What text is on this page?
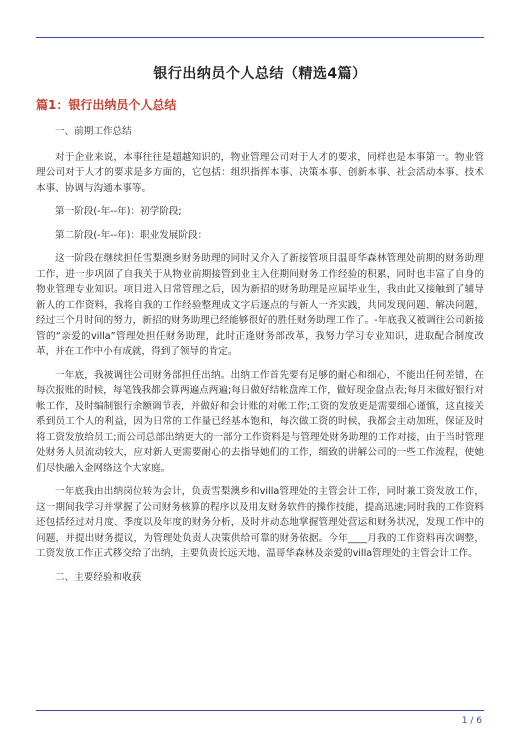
银行出纳员个人总结（精选4篇）
篇1：银行出纳员个人总结

一、前期工作总结

对于企业来说，本事往往是超越知识的，物业管理公司对于人才的要求，同样也是本事第一。物业管理公司对于人才的要求是多方面的，它包括：组织指挥本事、决策本事、创新本事、社会活动本事、技术本事、协调与沟通本事等。

第一阶段(-年--年)：初学阶段;

第二阶段(-年--年)：职业发展阶段：

这一阶段在继续担任雪梨澳乡财务助理的同时又介入了新接管项目温哥华森林管理处前期的财务助理工作，进一步巩固了自我关于从物业前期接管到业主入住期间财务工作经验的积累，同时也丰富了自身的物业管理专业知识。项目进入日常管理之后，因为新招的财务助理是应届毕业生，我由此又接触到了辅导新人的工作资料，我将自我的工作经验整理成文字后逐点的与新人一齐实践，共同发现问题、解决问题，经过三个月时间的努力，新招的财务助理已经能够很好的胜任财务助理工作了。-年底我又被调往公司新接管的“亲爱的villa”管理处担任财务助理，此时正逢财务部改革，我努力学习专业知识，进取配合制度改革，并在工作中小有成就，得到了领导的肯定。

一年底，我被调往公司财务部担任出纳。出纳工作首先要有足够的耐心和细心，不能出任何差错，在每次报账的时候，每笔钱我都会算两遍点两遍;每日做好结帐盘库工作，做好现金盘点表;每月末做好银行对帐工作，及时编制银行余额调节表，并做好和会计账的对帐工作;工资的发放更是需要细心谨慎，这直接关系到员工个人的利益，因为日常的工作量已经基本饱和，每次做工资的时候，我都会主动加班，保证及时将工资发放给员工;而公司总部出纳更大的一部分工作资料是与管理处财务助理的工作对接，由于当时管理处财务人员流动较大，应对新人更需要耐心的去指导她们的工作，细致的讲解公司的一些工作流程，使她们尽快融入金网络这个大家庭。

一年底我由出纳岗位转为会计，负责雪梨澳乡和villa管理处的主管会计工作，同时兼工资发放工作，这一期间我学习并掌握了公司财务核算的程序以及用友财务软件的操作技能，提高迅速;同时我的工作资料还包括经过对月度、季度以及年度的财务分析，及时并动态地掌握管理处营运和财务状况，发现工作中的问题，并提出财务提议，为管理处负责人决策供给可靠的财务依据。今年____月我的工作资料再次调整，工资发放工作正式移交给了出纳，主要负责长远天地、温哥华森林及亲爱的villa管理处的主管会计工作。

二、主要经验和收获

1 / 6
